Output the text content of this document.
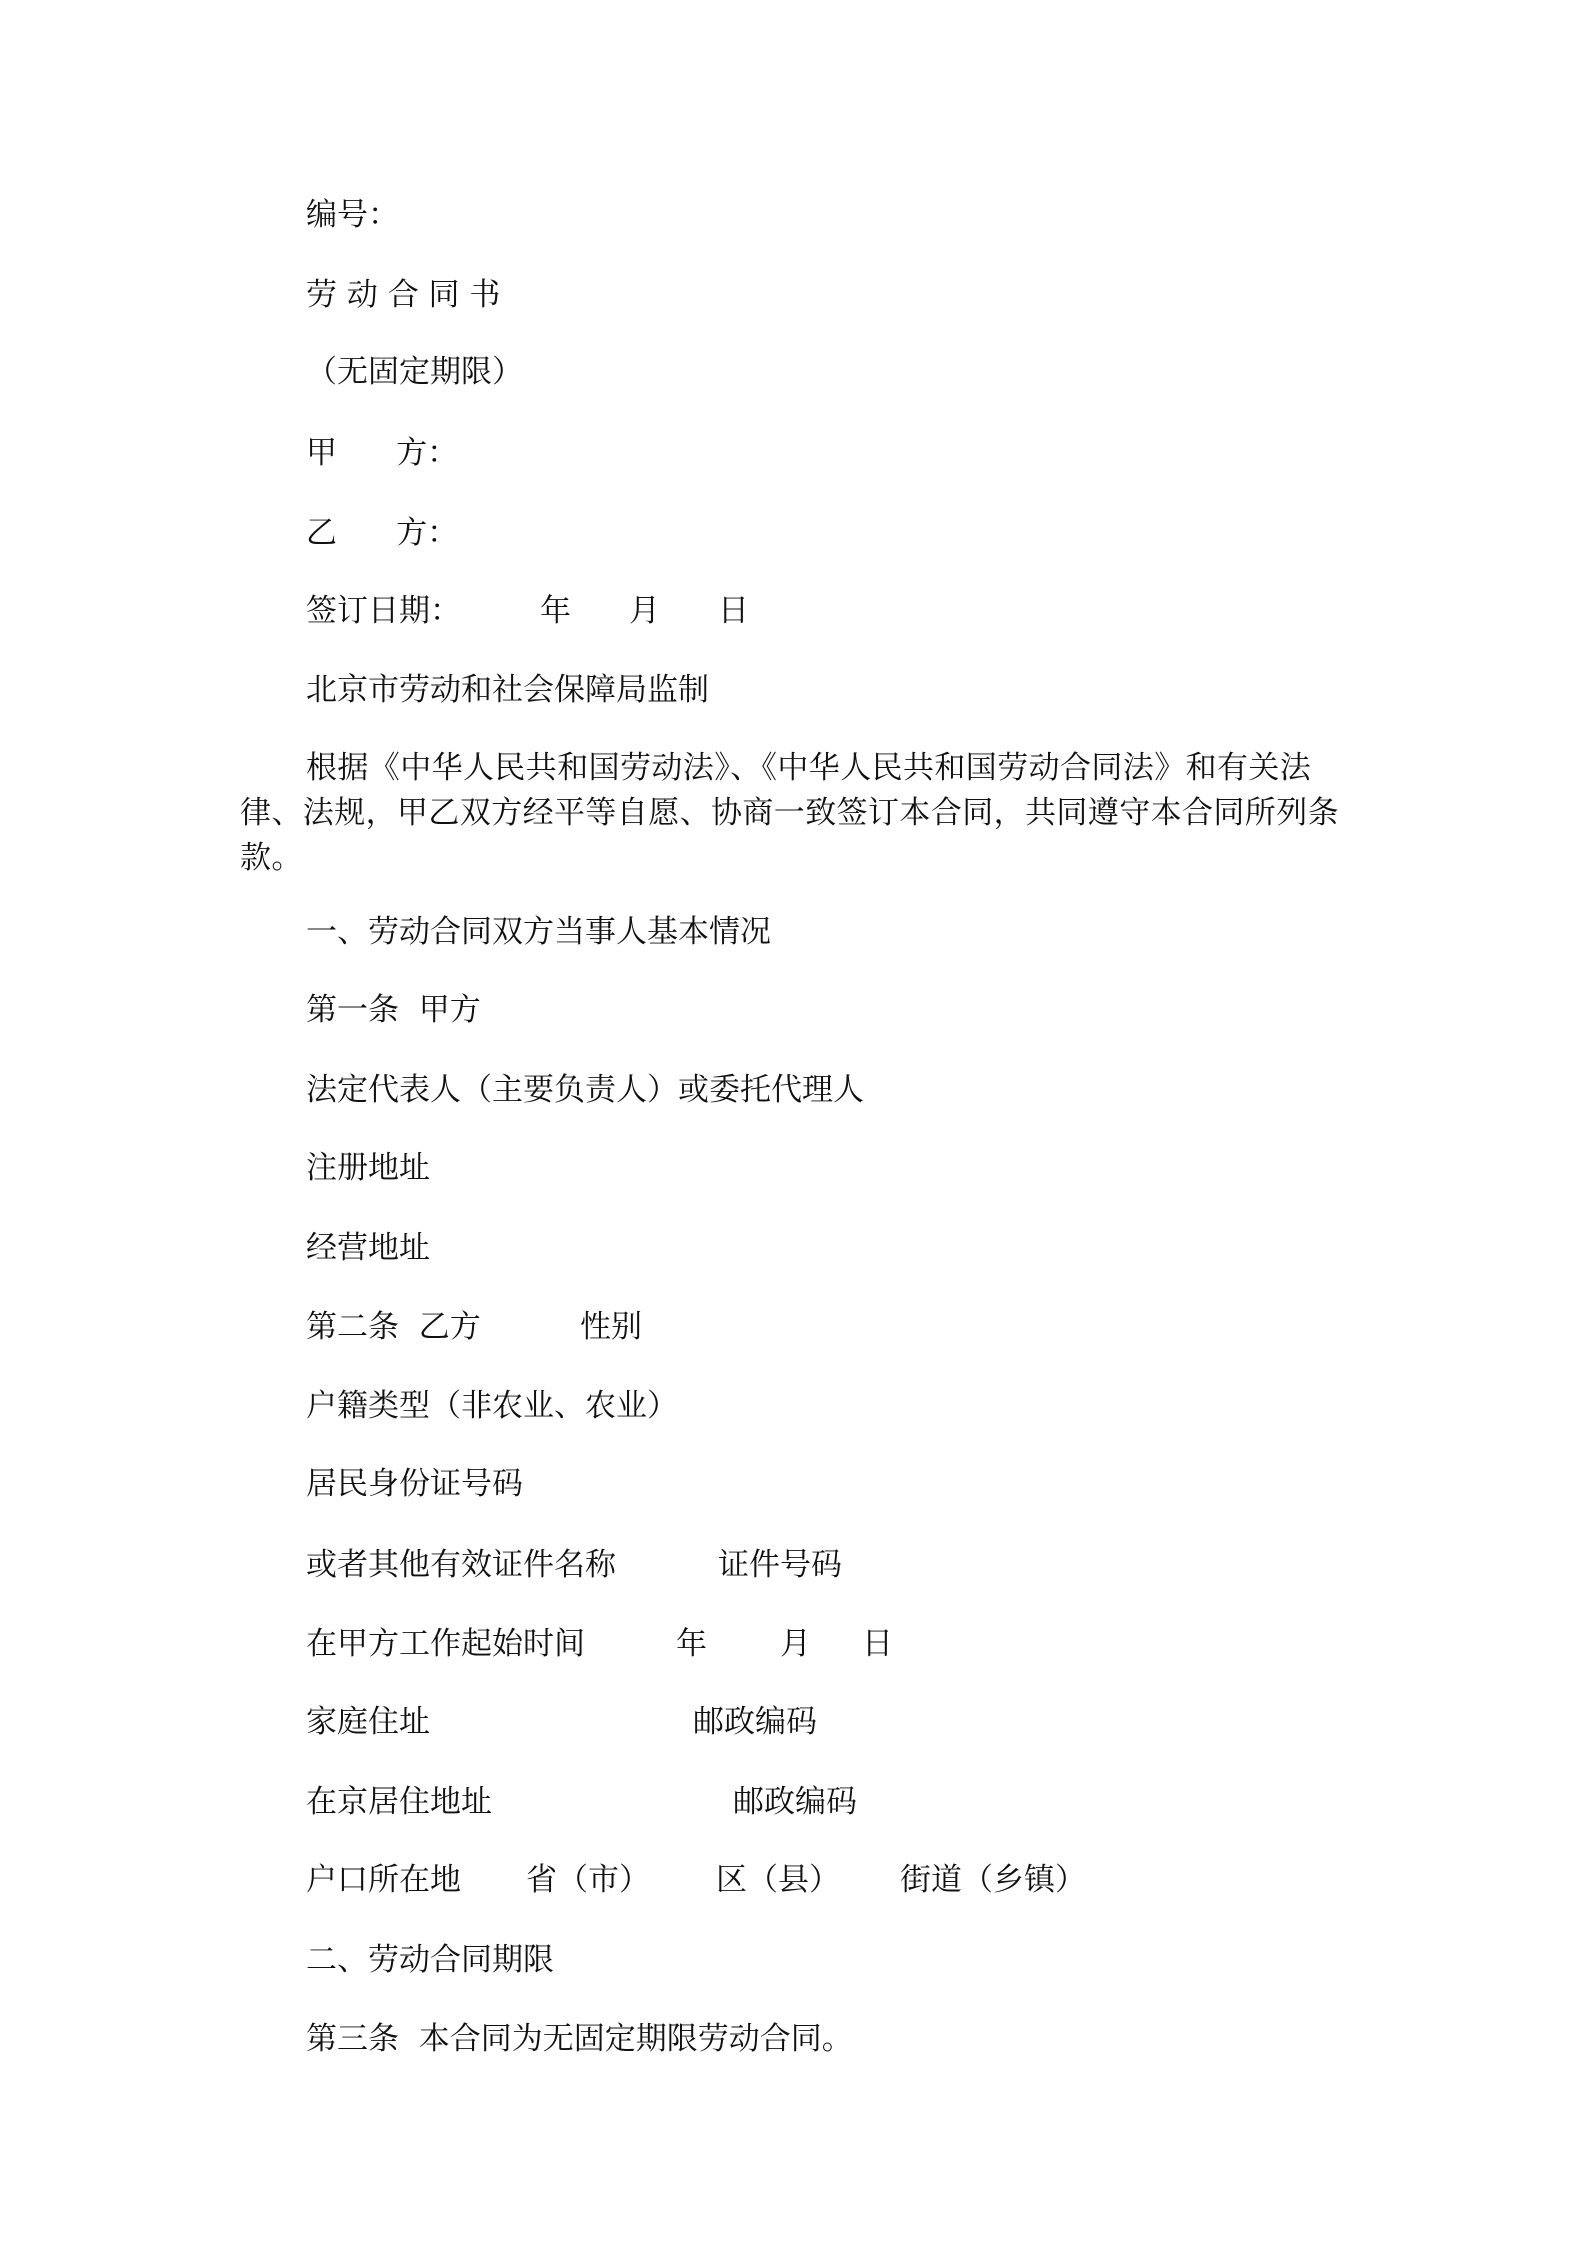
编号：
劳 动 合 同 书
（无固定期限）
甲      方：
乙      方：
签订日期：	年 月 日
北京市劳动和社会保障局监制
根据《中华人民共和国劳动法》、《中华人民共和国劳动合同法》和有关法律、法规，甲乙双方经平等自愿、协商一致签订本合同，共同遵守本合同所列条款。
一、劳动合同双方当事人基本情况
第一条  甲方
法定代表人（主要负责人）或委托代理人
注册地址
经营地址
第二条  乙方	性别
户籍类型（非农业、农业）
居民身份证号码
或者其他有效证件名称	证件号码
在甲方工作起始时间	年 月 日
家庭住址	邮政编码
在京居住地址	邮政编码
户口所在地 省（市） 区（县） 街道（乡镇）
二、劳动合同期限
第三条  本合同为无固定期限劳动合同。
